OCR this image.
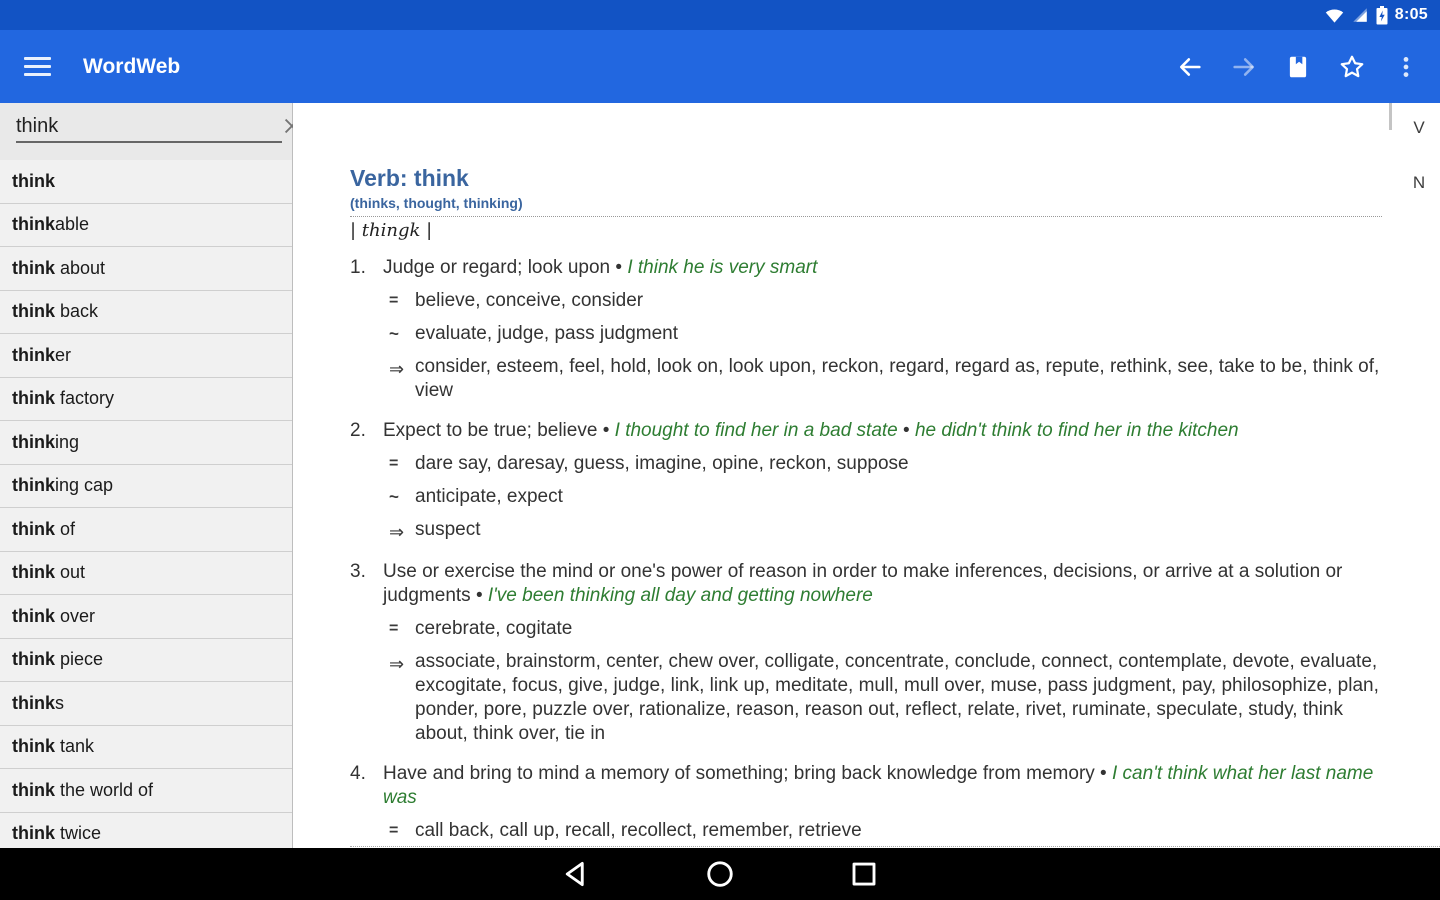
8:05
WordWeb
think
think
think able
think about
think back
think er
think factory
think ing
think ing cap
think of
think out
think over
think piece
think s
think tank
think the world of
think twice
V
N
Verb: think
(thinks, thought, thinking)
| thingk |
1. Judge or regard; look upon • I think he is very smart
= believe, conceive, consider
~ evaluate, judge, pass judgment
⇒ consider, esteem, feel, hold, look on, look upon, reckon, regard, regard as, repute, rethink, see, take to be, think of, view
2. Expect to be true; believe • I thought to find her in a bad state • he didn't think to find her in the kitchen
= dare say, daresay, guess, imagine, opine, reckon, suppose
~ anticipate, expect
⇒ suspect
3. Use or exercise the mind or one's power of reason in order to make inferences, decisions, or arrive at a solution or judgments • I've been thinking all day and getting nowhere
= cerebrate, cogitate
⇒ associate, brainstorm, center, chew over, colligate, concentrate, conclude, connect, contemplate, devote, evaluate, excogitate, focus, give, judge, link, link up, meditate, mull, mull over, muse, pass judgment, pay, philosophize, plan, ponder, pore, puzzle over, rationalize, reason, reason out, reflect, relate, rivet, ruminate, speculate, study, think about, think over, tie in
4. Have and bring to mind a memory of something; bring back knowledge from memory • I can't think what her last name was
= call back, call up, recall, recollect, remember, retrieve
